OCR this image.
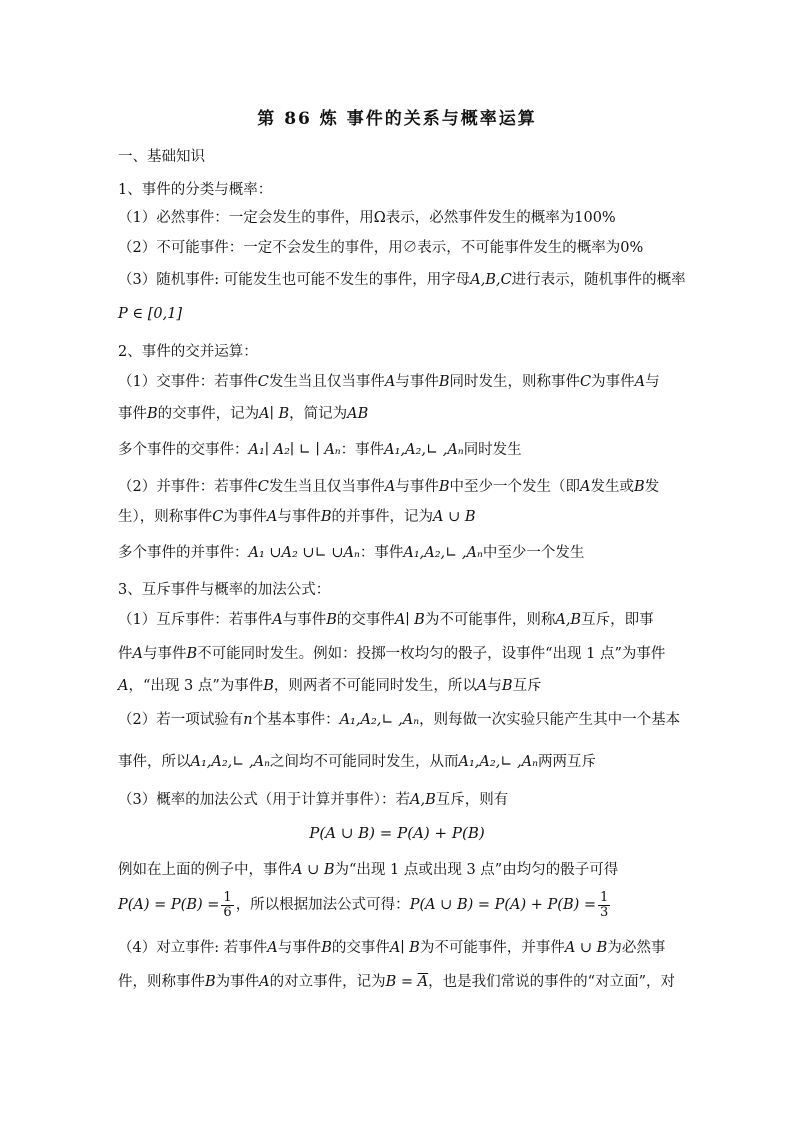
第 86 炼 事件的关系与概率运算
一、基础知识
1、事件的分类与概率：
（1）必然事件：一定会发生的事件，用Ω表示，必然事件发生的概率为100%
（2）不可能事件：一定不会发生的事件，用∅表示，不可能事件发生的概率为0%
（3）随机事件: 可能发生也可能不发生的事件，用字母A,B,C进行表示，随机事件的概率
P ∈ [0,1]
2、事件的交并运算：
（1）交事件：若事件C发生当且仅当事件A与事件B同时发生，则称事件C为事件A与
事件B的交事件，记为A∣ B，简记为AB
多个事件的交事件：A₁∣ A₂∣ ∟ ∣ Aₙ：事件A₁,A₂,∟ ,Aₙ同时发生
（2）并事件：若事件C发生当且仅当事件A与事件B中至少一个发生（即A发生或B发
生），则称事件C为事件A与事件B的并事件，记为A ∪ B
多个事件的并事件：A₁ ∪A₂ ∪∟ ∪Aₙ：事件A₁,A₂,∟ ,Aₙ中至少一个发生
3、互斥事件与概率的加法公式：
（1）互斥事件：若事件A与事件B的交事件A∣ B为不可能事件，则称A,B互斥，即事
件A与事件B不可能同时发生。例如：投掷一枚均匀的骰子，设事件“出现 1 点”为事件
A，“出现 3 点”为事件B，则两者不可能同时发生，所以A与B互斥
（2）若一项试验有n个基本事件：A₁,A₂,∟ ,Aₙ，则每做一次实验只能产生其中一个基本
事件，所以A₁,A₂,∟ ,Aₙ之间均不可能同时发生，从而A₁,A₂,∟ ,Aₙ两两互斥
（3）概率的加法公式（用于计算并事件）：若A,B互斥，则有
P(A ∪ B) = P(A) + P(B)
例如在上面的例子中，事件A ∪ B为“出现 1 点或出现 3 点”由均匀的骰子可得
$P(A) = P(B) = \frac{1}{6}$ ，所以根据加法公式可得：P(A ∪ $B) = P(A) + P(B) = \frac{1}{3}$
（4）对立事件: 若事件A与事件B的交事件A∣ B为不可能事件，并事件A ∪ B为必然事
件，则称事件B为事件A的对立事件，记为$B = \overline{A}$，也是我们常说的事件的“对立面”，对
